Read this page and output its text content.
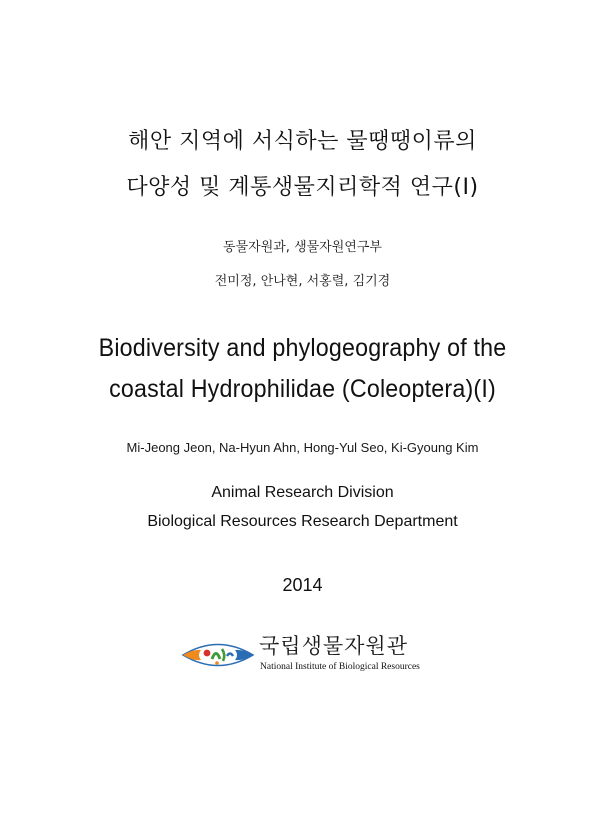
해안 지역에 서식하는 물땡땡이류의
다양성 및 계통생물지리학적 연구(I)
동물자원과, 생물자원연구부
전미정, 안나현, 서홍렬, 김기경
Biodiversity and phylogeography of the
coastal Hydrophilidae (Coleoptera)(I)
Mi-Jeong Jeon, Na-Hyun Ahn, Hong-Yul Seo, Ki-Gyoung Kim
Animal Research Division
Biological Resources Research Department
2014
국립생물자원관
National Institute of Biological Resources
